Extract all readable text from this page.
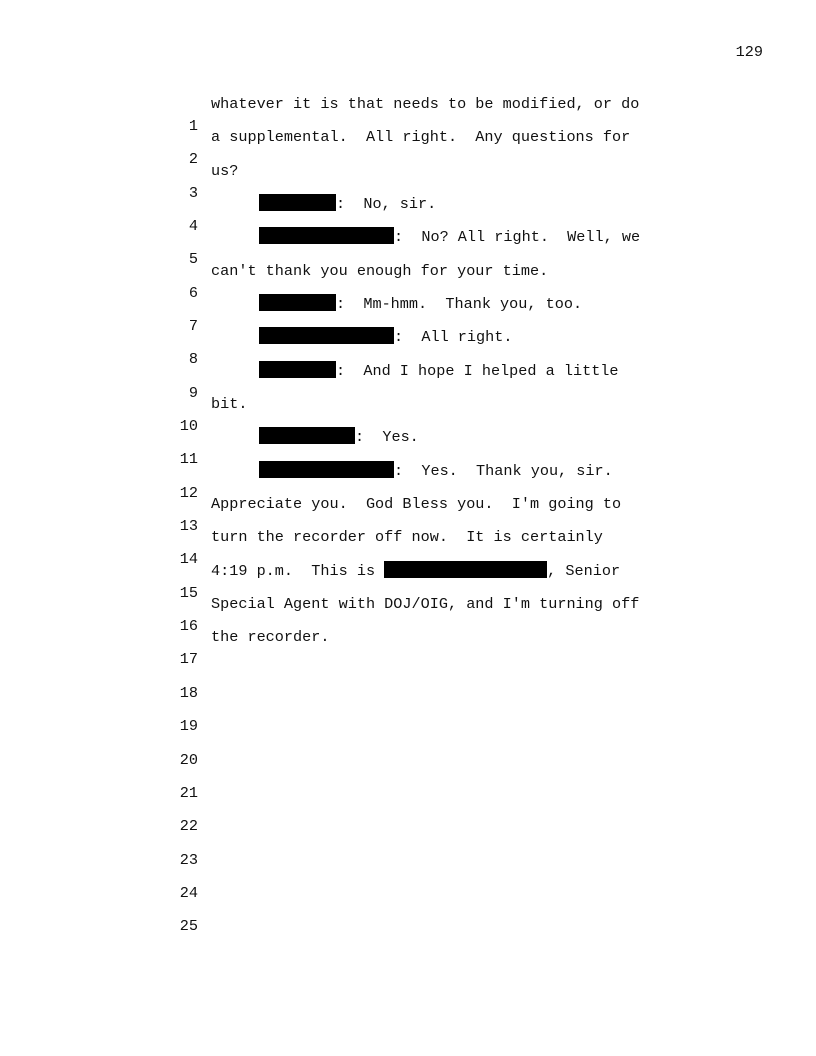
129

1

whatever it is that needs to be modified, or do

2

a supplemental.  All right.  Any questions for

3

us?

4

:  No, sir.

5

:  No? All right.  Well, we

6

can't thank you enough for your time.

7

:  Mm-hmm.  Thank you, too.

8

:  All right.

9

:  And I hope I helped a little

10

bit.

11

:  Yes.

12

:  Yes.  Thank you, sir.

13

Appreciate you.  God Bless you.  I'm going to

14

turn the recorder off now.  It is certainly

15

4:19 p.m.  This is	, Senior

16

Special Agent with DOJ/OIG, and I'm turning off

17

the recorder.

18

19

20

21

22

23

24

25
